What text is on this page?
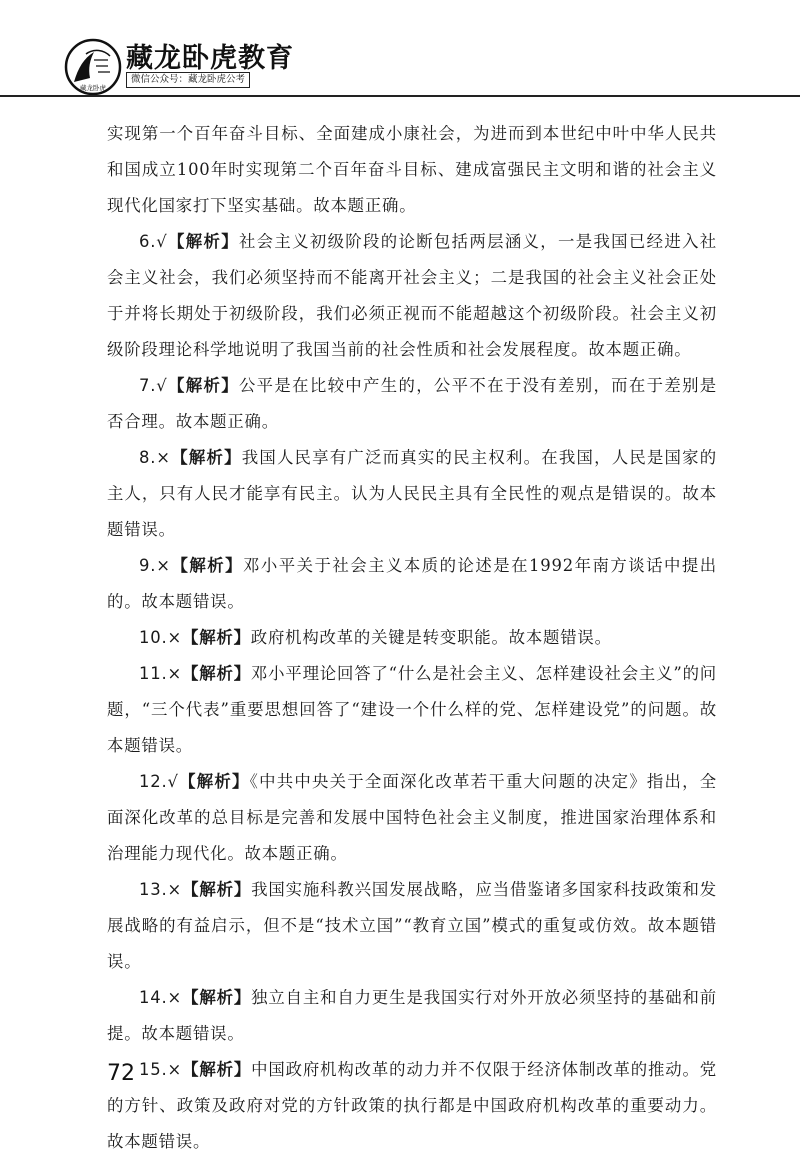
藏龙卧虎
藏龙卧虎教育
微信公众号：藏龙卧虎公考

实现第一个百年奋斗目标、全面建成小康社会，为进而到本世纪中叶中华人民共和国成立100年时实现第二个百年奋斗目标、建成富强民主文明和谐的社会主义现代化国家打下坚实基础。故本题正确。

6.√【解析】社会主义初级阶段的论断包括两层涵义，一是我国已经进入社会主义社会，我们必须坚持而不能离开社会主义；二是我国的社会主义社会正处于并将长期处于初级阶段，我们必须正视而不能超越这个初级阶段。社会主义初级阶段理论科学地说明了我国当前的社会性质和社会发展程度。故本题正确。

7.√【解析】公平是在比较中产生的，公平不在于没有差别，而在于差别是否合理。故本题正确。

8.×【解析】我国人民享有广泛而真实的民主权利。在我国，人民是国家的主人，只有人民才能享有民主。认为人民民主具有全民性的观点是错误的。故本题错误。

9.×【解析】邓小平关于社会主义本质的论述是在1992年南方谈话中提出的。故本题错误。

10.×【解析】政府机构改革的关键是转变职能。故本题错误。

11.×【解析】邓小平理论回答了“什么是社会主义、怎样建设社会主义”的问题，“三个代表”重要思想回答了“建设一个什么样的党、怎样建设党”的问题。故本题错误。

12.√【解析】《中共中央关于全面深化改革若干重大问题的决定》指出，全面深化改革的总目标是完善和发展中国特色社会主义制度，推进国家治理体系和治理能力现代化。故本题正确。

13.×【解析】我国实施科教兴国发展战略，应当借鉴诸多国家科技政策和发展战略的有益启示，但不是“技术立国”“教育立国”模式的重复或仿效。故本题错误。

14.×【解析】独立自主和自力更生是我国实行对外开放必须坚持的基础和前提。故本题错误。

15.×【解析】中国政府机构改革的动力并不仅限于经济体制改革的推动。党的方针、政策及政府对党的方针政策的执行都是中国政府机构改革的重要动力。故本题错误。

72
